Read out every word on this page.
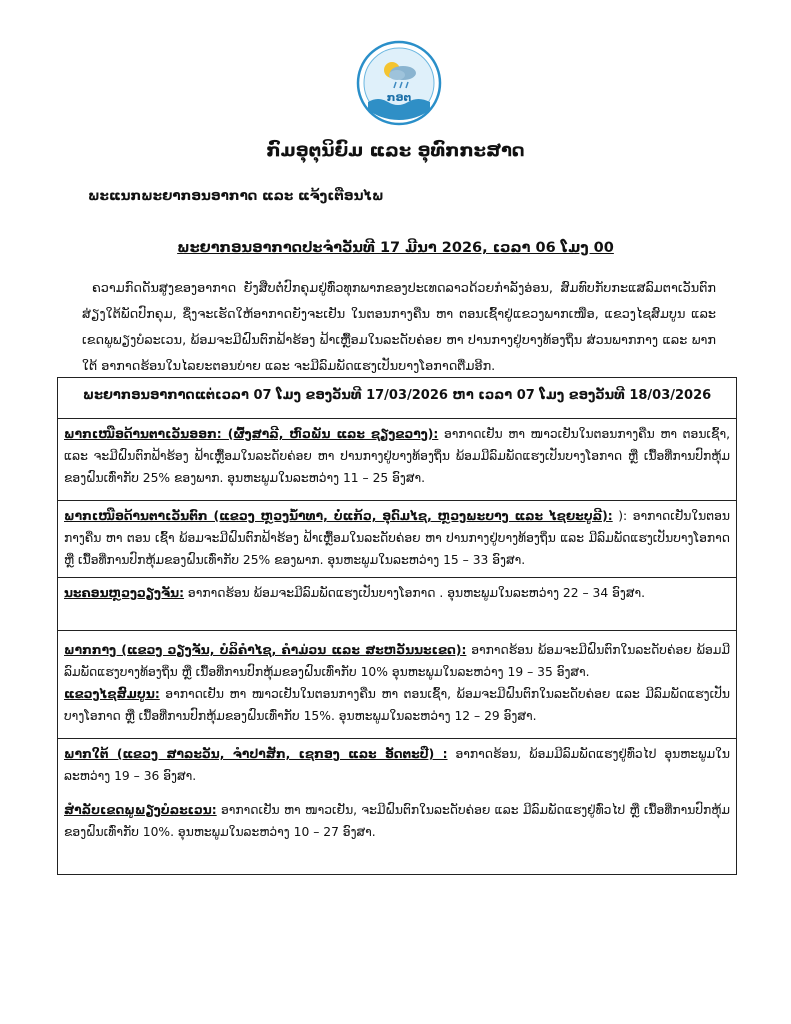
ກອຕ
ກົມອຸຕຸນິຍົມ ແລະ ອຸທົກກະສາດ
ພະແນກພະຍາກອນອາກາດ ແລະ ແຈ້ງເຕືອນໄພ
ພະຍາກອນອາກາດປະຈຳວັນທີ 17 ມີນາ 2026, ເວລາ 06 ໂມງ 00

ຄວາມກົດດັນສູງຂອງອາກາດ ຍັງສືບຕໍ່ປົກຄຸມຢູ່ທົ່ວທຸກພາກຂອງປະເທດລາວດ້ວຍກຳລັງອ່ອນ, ສົມທົບກັບກະແສລົມຕາເວັນຕົກສ່ຽງໃຕ້ພັດປົກຄຸມ, ຊຶ່ງຈະເຮັດໃຫ້ອາກາດຍັງຈະເຢັນ ໃນຕອນກາງຄືນ ຫາ ຕອນເຊົ້າຢູ່ແຂວງພາກເໜືອ, ແຂວງໄຊສົມບູນ ແລະ ເຂດພູພຽງບໍລະເວນ, ພ້ອມຈະມີຝົນຕົກຟ້າຮ້ອງ ຟ້າເຫຼື້ອມໃນລະດັບຄ່ອຍ ຫາ ປານກາງຢູ່ບາງທ້ອງຖິ່ນ ສ່ວນພາກກາງ ແລະ ພາກໃຕ້ ອາກາດຮ້ອນໃນໄລຍະຕອນບ່າຍ ແລະ ຈະມີລົມພັດແຮງເປັນບາງໂອກາດຕື່ມອີກ.

ພະຍາກອນອາກາດແຕ່ເວລາ 07 ໂມງ ຂອງວັນທີ 17/03/2026 ຫາ ເວລາ 07 ໂມງ ຂອງວັນທີ 18/03/2026

ພາກເໜືອດ້ານຕາເວັນອອກ: (ຜົ້ງສາລີ, ຫົວພັນ ແລະ ຊຽງຂວາງ): ອາກາດເຢັນ ຫາ ໜາວເຢັນໃນຕອນກາງຄືນ ຫາ ຕອນເຊົ້າ, ແລະ ຈະມີຝົນຕົກຟ້າຮ້ອງ ຟ້າເຫຼື້ອມໃນລະດັບຄ່ອຍ ຫາ ປານກາງຢູ່ບາງທ້ອງຖິ່ນ ພ້ອມມີລົມພັດແຮງເປັນບາງໂອກາດ ຫຼື ເນື້ອທີ່ການປົກຫຸ້ມຂອງຝົນເທົ່າກັບ 25% ຂອງພາກ. ອຸນຫະພູມໃນລະຫວ່າງ 11 – 25 ອົງສາ.

ພາກເໜືອດ້ານຕາເວັນຕົກ (ແຂວງ ຫຼວງນ້ຳທາ, ບໍ່ແກ້ວ, ອຸດົມໄຊ, ຫຼວງພະບາງ ແລະ ໄຊຍະບູລີ): ): ອາກາດເຢັນໃນຕອນກາງຄືນ ຫາ ຕອນ ເຊົ້າ ພ້ອມຈະມີຝົນຕົກຟ້າຮ້ອງ ຟ້າເຫຼື້ອມໃນລະດັບຄ່ອຍ ຫາ ປານກາງຢູ່ບາງທ້ອງຖິ່ນ ແລະ ມີລົມພັດແຮງເປັນບາງໂອກາດ ຫຼື ເນື້ອທີ່ການປົກຫຸ້ມຂອງຝົນເທົ່າກັບ 25% ຂອງພາກ. ອຸນຫະພູມໃນລະຫວ່າງ 15 – 33 ອົງສາ.

ນະຄອນຫຼວງວຽງຈັນ: ອາກາດຮ້ອນ ພ້ອມຈະມີລົມພັດແຮງເປັນບາງໂອກາດ . ອຸນຫະພູມໃນລະຫວ່າງ 22 – 34 ອົງສາ.

ພາກກາງ (ແຂວງ ວຽງຈັນ, ບໍລິຄຳໄຊ, ຄຳມ່ວນ ແລະ ສະຫວັນນະເຂດ): ອາກາດຮ້ອນ ພ້ອມຈະມີຝົນຕົກໃນລະດັບຄ່ອຍ ພ້ອມມີລົມພັດແຮງບາງທ້ອງຖິ່ນ ຫຼື ເນື້ອທີ່ການປົກຫຸ້ມຂອງຝົນເທົ່າກັບ 10% ອຸນຫະພູມໃນລະຫວ່າງ 19 – 35 ອົງສາ.

ແຂວງໄຊສົມບູນ: ອາກາດເຢັນ ຫາ ໜາວເຢັນໃນຕອນກາງຄືນ ຫາ ຕອນເຊົ້າ, ພ້ອມຈະມີຝົນຕົກໃນລະດັບຄ່ອຍ ແລະ ມີລົມພັດແຮງເປັນບາງໂອກາດ ຫຼື ເນື້ອທີ່ການປົກຫຸ້ມຂອງຝົນເທົ່າກັບ 15%. ອຸນຫະພູມໃນລະຫວ່າງ 12 – 29 ອົງສາ.

ພາກໃຕ້ (ແຂວງ ສາລະວັນ, ຈຳປາສັກ, ເຊກອງ ແລະ ອັດຕະປື) : ອາກາດຮ້ອນ, ພ້ອມມີລົມພັດແຮງຢູ່ທົ່ວໄປ ອຸນຫະພູມໃນລະຫວ່າງ 19 – 36 ອົງສາ.

ສຳລັບເຂດພູພຽງບໍລະເວນ: ອາກາດເຢັນ ຫາ ໜາວເຢັນ, ຈະມີຝົນຕົກໃນລະດັບຄ່ອຍ ແລະ ມີລົມພັດແຮງຢູ່ທົ່ວໄປ ຫຼື ເນື້ອທີ່ການປົກຫຸ້ມຂອງຝົນເທົ່າກັບ 10%. ອຸນຫະພູມໃນລະຫວ່າງ 10 – 27 ອົງສາ.
